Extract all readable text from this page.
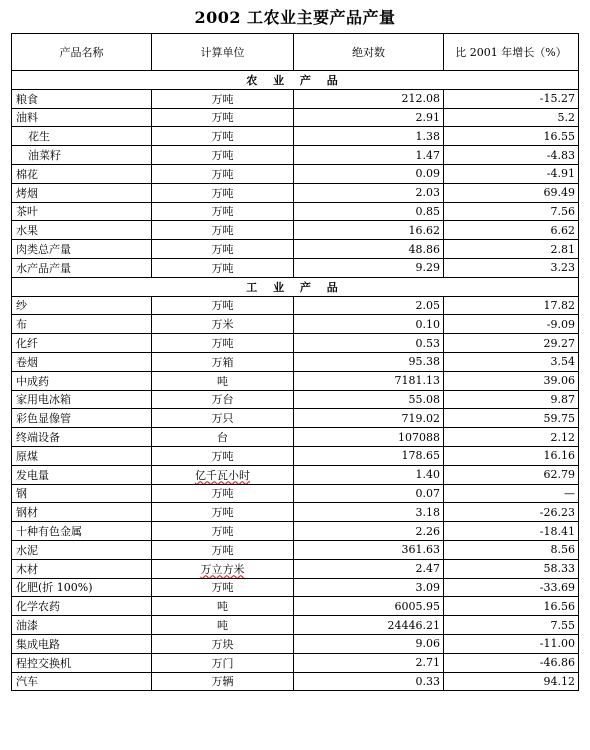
2002 工农业主要产品产量
产品名称	计算单位	绝对数	比 2001 年增长（%）
农 业 产 品			
粮食	万吨	212.08	-15.27
油料	万吨	2.91	5.2
花生	万吨	1.38	16.55
油菜籽	万吨	1.47	-4.83
棉花	万吨	0.09	-4.91
烤烟	万吨	2.03	69.49
茶叶	万吨	0.85	7.56
水果	万吨	16.62	6.62
肉类总产量	万吨	48.86	2.81
水产品产量	万吨	9.29	3.23
工 业 产 品			
纱	万吨	2.05	17.82
布	万米	0.10	-9.09
化纤	万吨	0.53	29.27
卷烟	万箱	95.38	3.54
中成药	吨	7181.13	39.06
家用电冰箱	万台	55.08	9.87
彩色显像管	万只	719.02	59.75
终端设备	台	107088	2.12
原煤	万吨	178.65	16.16
发电量	亿千瓦小时	1.40	62.79
钢	万吨	0.07	—
钢材	万吨	3.18	-26.23
十种有色金属	万吨	2.26	-18.41
水泥	万吨	361.63	8.56
木材	万立方米	2.47	58.33
化肥(折 100%)	万吨	3.09	-33.69
化学农药	吨	6005.95	16.56
油漆	吨	24446.21	7.55
集成电路	万块	9.06	-11.00
程控交换机	万门	2.71	-46.86
汽车	万辆	0.33	94.12
